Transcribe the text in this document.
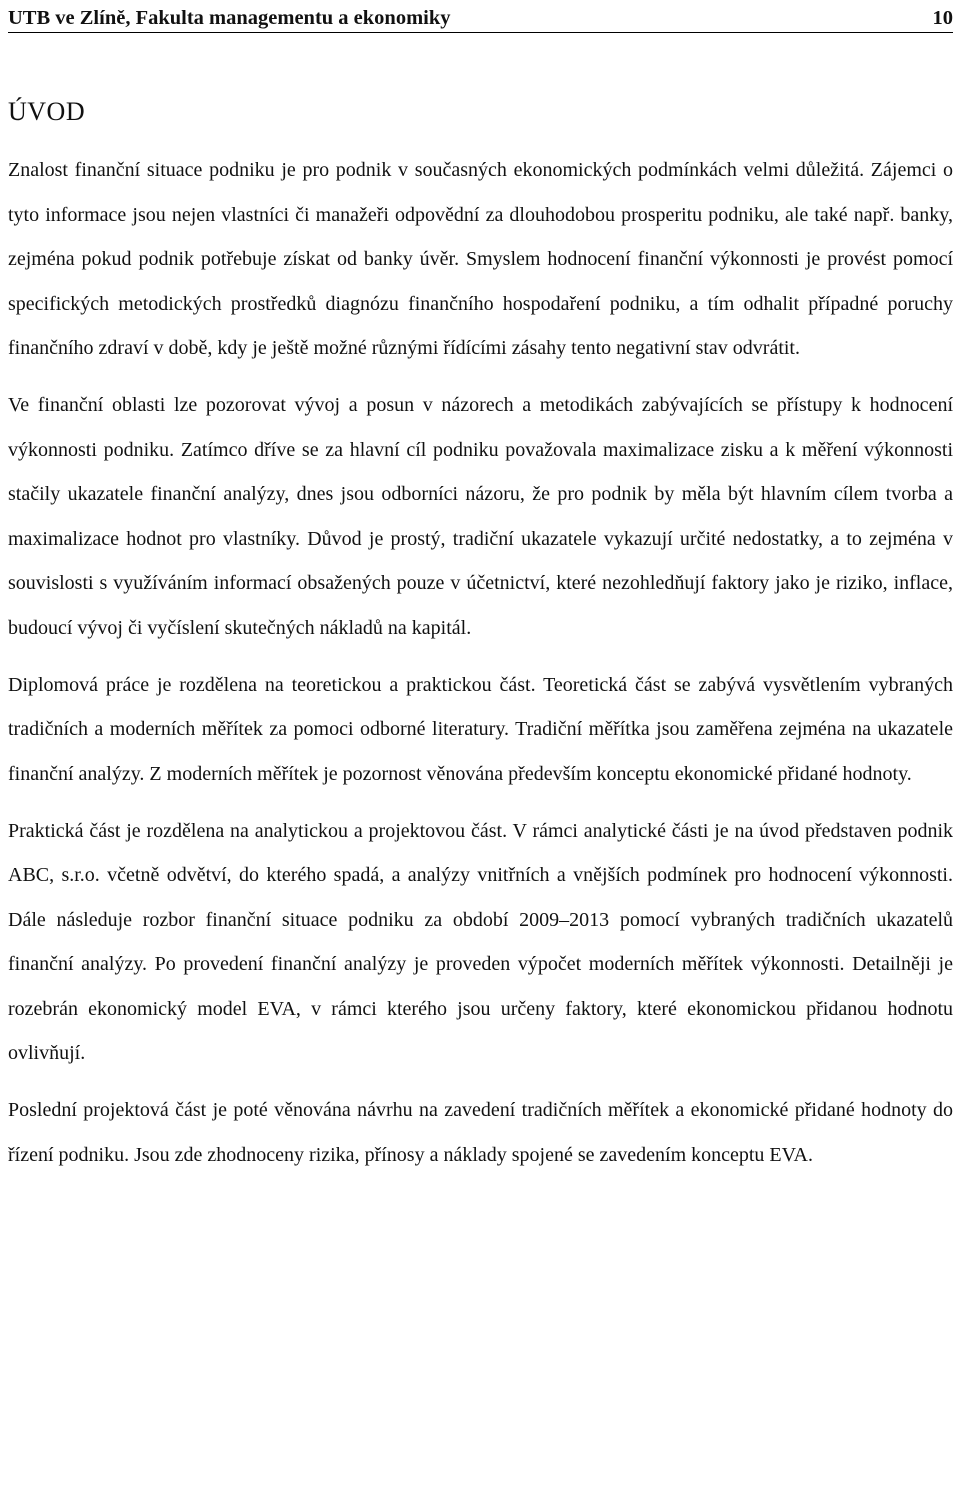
UTB ve Zlíně, Fakulta managementu a ekonomiky	10
ÚVOD

Znalost finanční situace podniku je pro podnik v současných ekonomických podmínkách velmi důležitá. Zájemci o tyto informace jsou nejen vlastníci či manažeři odpovědní za dlouhodobou prosperitu podniku, ale také např. banky, zejména pokud podnik potřebuje získat od banky úvěr. Smyslem hodnocení finanční výkonnosti je provést pomocí specifických metodických prostředků diagnózu finančního hospodaření podniku, a tím odhalit případné poruchy finančního zdraví v době, kdy je ještě možné různými řídícími zásahy tento negativní stav odvrátit.

Ve finanční oblasti lze pozorovat vývoj a posun v názorech a metodikách zabývajících se přístupy k hodnocení výkonnosti podniku. Zatímco dříve se za hlavní cíl podniku považovala maximalizace zisku a k měření výkonnosti stačily ukazatele finanční analýzy, dnes jsou odborníci názoru, že pro podnik by měla být hlavním cílem tvorba a maximalizace hodnot pro vlastníky. Důvod je prostý, tradiční ukazatele vykazují určité nedostatky, a to zejména v souvislosti s využíváním informací obsažených pouze v účetnictví, které nezohledňují faktory jako je riziko, inflace, budoucí vývoj či vyčíslení skutečných nákladů na kapitál.

Diplomová práce je rozdělena na teoretickou a praktickou část. Teoretická část se zabývá vysvětlením vybraných tradičních a moderních měřítek za pomoci odborné literatury. Tradiční měřítka jsou zaměřena zejména na ukazatele finanční analýzy. Z moderních měřítek je pozornost věnována především konceptu ekonomické přidané hodnoty.

Praktická část je rozdělena na analytickou a projektovou část. V rámci analytické části je na úvod představen podnik ABC, s.r.o. včetně odvětví, do kterého spadá, a analýzy vnitřních a vnějších podmínek pro hodnocení výkonnosti. Dále následuje rozbor finanční situace podniku za období 2009–2013 pomocí vybraných tradičních ukazatelů finanční analýzy. Po provedení finanční analýzy je proveden výpočet moderních měřítek výkonnosti. Detailněji je rozebrán ekonomický model EVA, v rámci kterého jsou určeny faktory, které ekonomickou přidanou hodnotu ovlivňují.

Poslední projektová část je poté věnována návrhu na zavedení tradičních měřítek a ekonomické přidané hodnoty do řízení podniku. Jsou zde zhodnoceny rizika, přínosy a náklady spojené se zavedením konceptu EVA.
